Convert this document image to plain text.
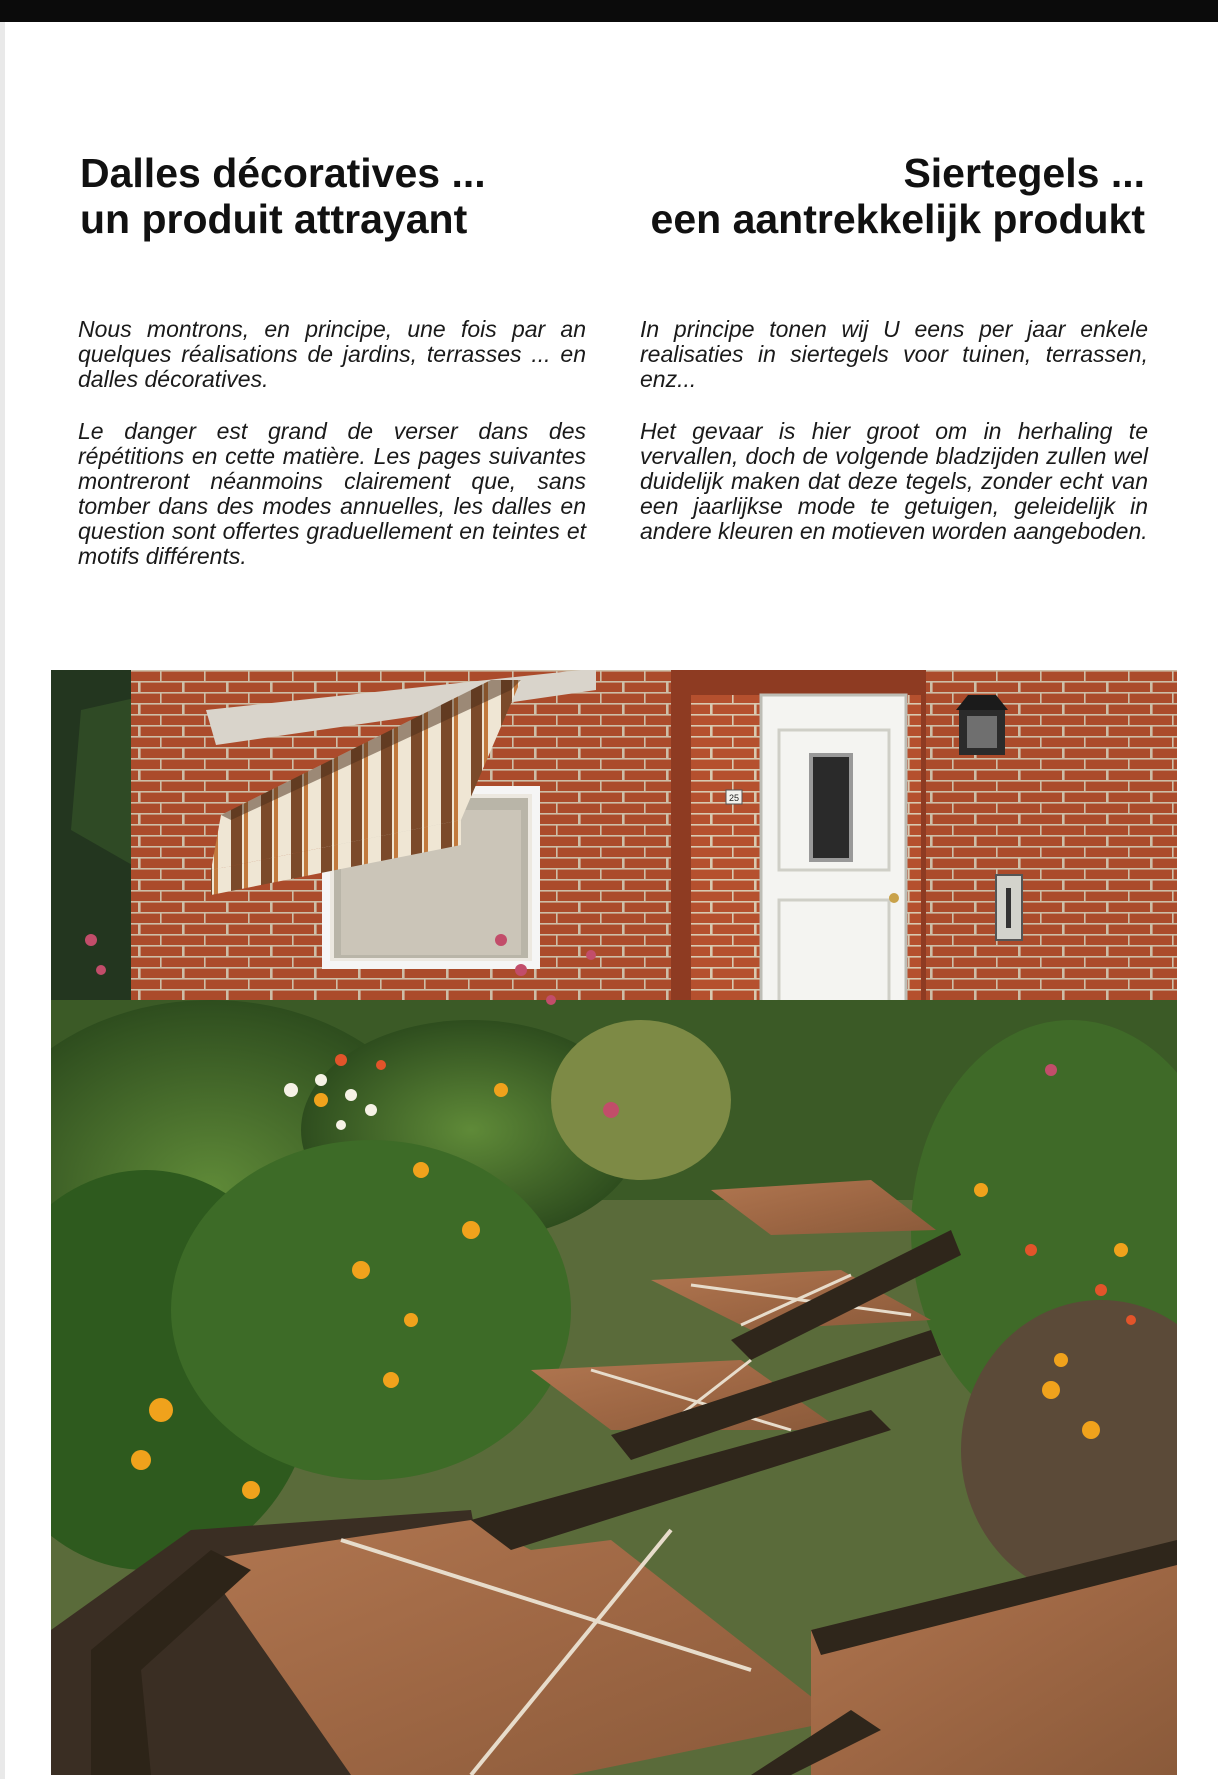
Dalles décoratives ...
un produit attrayant
Siertegels ...
een aantrekkelijk produkt

Nous montrons, en principe, une fois par an quelques réalisations de jardins, terrasses ... en dalles décoratives.

Le danger est grand de verser dans des répétitions en cette matière. Les pages suivantes montreront néanmoins clairement que, sans tomber dans des modes annuelles, les dalles en question sont offertes graduellement en teintes et motifs différents.

In principe tonen wij U eens per jaar enkele realisaties in siertegels voor tuinen, terrassen, enz...

Het gevaar is hier groot om in herhaling te vervallen, doch de volgende bladzijden zullen wel duidelijk maken dat deze tegels, zonder echt van een jaarlijkse mode te getuigen, geleidelijk in andere kleuren en motieven worden aangeboden.

25
